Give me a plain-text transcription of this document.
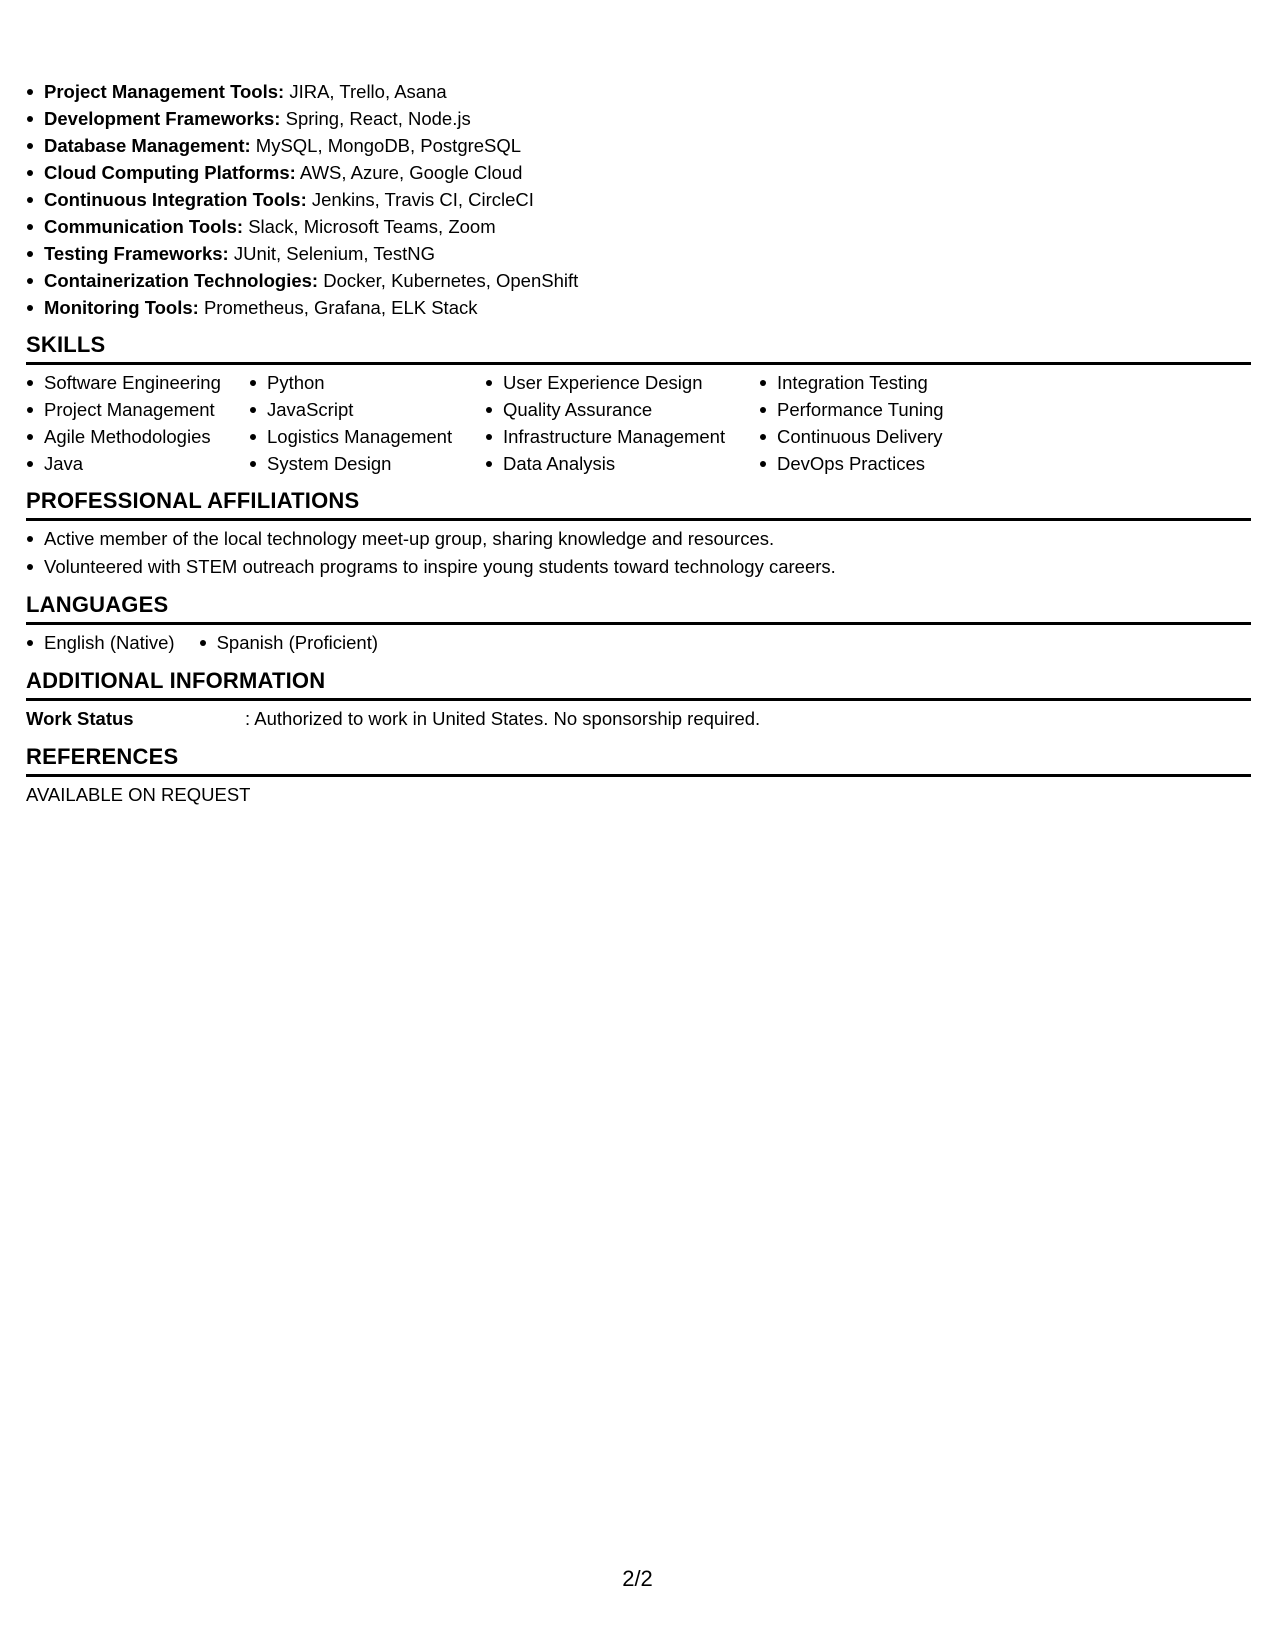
Project Management Tools: JIRA, Trello, Asana
Development Frameworks: Spring, React, Node.js
Database Management: MySQL, MongoDB, PostgreSQL
Cloud Computing Platforms: AWS, Azure, Google Cloud
Continuous Integration Tools: Jenkins, Travis CI, CircleCI
Communication Tools: Slack, Microsoft Teams, Zoom
Testing Frameworks: JUnit, Selenium, TestNG
Containerization Technologies: Docker, Kubernetes, OpenShift
Monitoring Tools: Prometheus, Grafana, ELK Stack
SKILLS
Software Engineering
Project Management
Agile Methodologies
Java
Python
JavaScript
Logistics Management
System Design
User Experience Design
Quality Assurance
Infrastructure Management
Data Analysis
Integration Testing
Performance Tuning
Continuous Delivery
DevOps Practices
PROFESSIONAL AFFILIATIONS
Active member of the local technology meet-up group, sharing knowledge and resources.
Volunteered with STEM outreach programs to inspire young students toward technology careers.
LANGUAGES
English (Native)	Spanish (Proficient)
ADDITIONAL INFORMATION
Work Status	: Authorized to work in United States. No sponsorship required.
REFERENCES
AVAILABLE ON REQUEST
2/2
